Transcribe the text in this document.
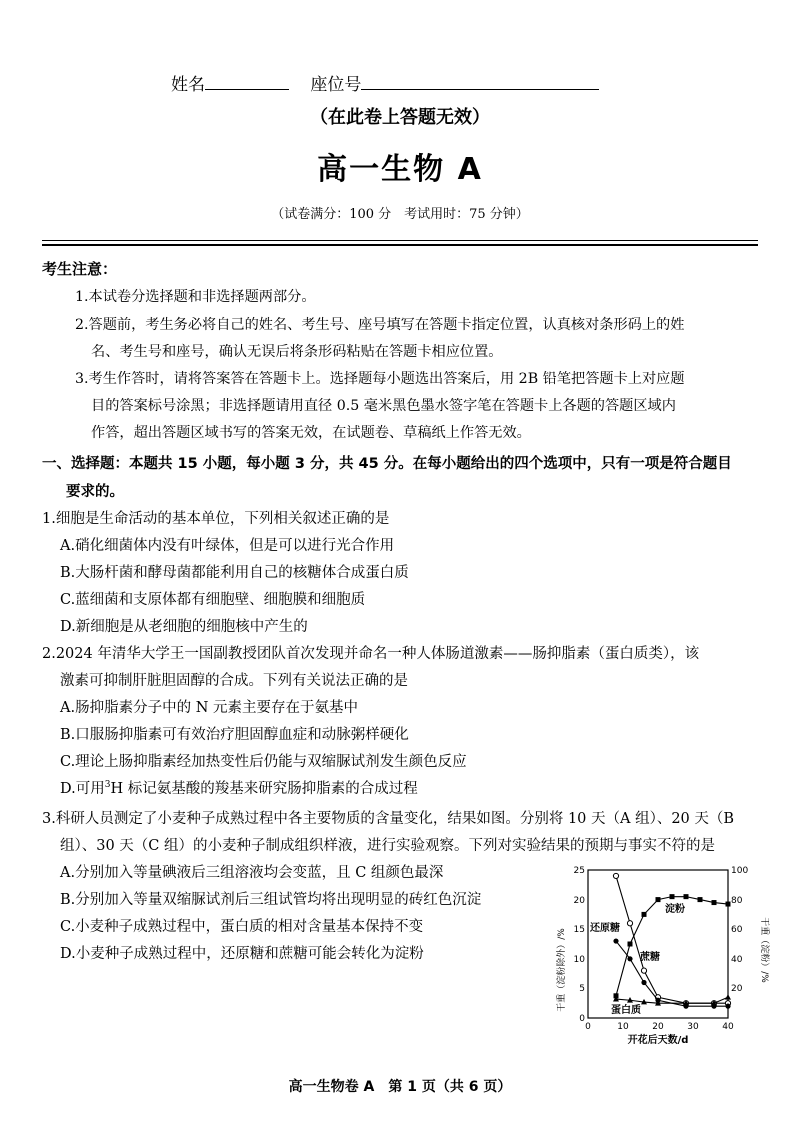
姓名	座位号
（在此卷上答题无效）
高一生物 A
（试卷满分：100 分　考试用时：75 分钟）
考生注意：
1.本试卷分选择题和非选择题两部分。
2.答题前，考生务必将自己的姓名、考生号、座号填写在答题卡指定位置，认真核对条形码上的姓
名、考生号和座号，确认无误后将条形码粘贴在答题卡相应位置。
3.考生作答时，请将答案答在答题卡上。选择题每小题选出答案后，用 2B 铅笔把答题卡上对应题
目的答案标号涂黑；非选择题请用直径 0.5 毫米黑色墨水签字笔在答题卡上各题的答题区域内
作答，超出答题区域书写的答案无效，在试题卷、草稿纸上作答无效。
一、选择题：本题共 15 小题，每小题 3 分，共 45 分。在每小题给出的四个选项中，只有一项是符合题目
要求的。
1.细胞是生命活动的基本单位，下列相关叙述正确的是
A.硝化细菌体内没有叶绿体，但是可以进行光合作用
B.大肠杆菌和酵母菌都能利用自己的核糖体合成蛋白质
C.蓝细菌和支原体都有细胞壁、细胞膜和细胞质
D.新细胞是从老细胞的细胞核中产生的
2.2024 年清华大学王一国副教授团队首次发现并命名一种人体肠道激素——肠抑脂素（蛋白质类），该
激素可抑制肝脏胆固醇的合成。下列有关说法正确的是
A.肠抑脂素分子中的 N 元素主要存在于氨基中
B.口服肠抑脂素可有效治疗胆固醇血症和动脉粥样硬化
C.理论上肠抑脂素经加热变性后仍能与双缩脲试剂发生颜色反应
D.可用$^3$H 标记氨基酸的羧基来研究肠抑脂素的合成过程
3.科研人员测定了小麦种子成熟过程中各主要物质的含量变化，结果如图。分别将 10 天（A 组）、20 天（B
组）、30 天（C 组）的小麦种子制成组织样液，进行实验观察。下列对实验结果的预期与事实不符的是
A.分别加入等量碘液后三组溶液均会变蓝，且 C 组颜色最深
B.分别加入等量双缩脲试剂后三组试管均将出现明显的砖红色沉淀
C.小麦种子成熟过程中，蛋白质的相对含量基本保持不变
D.小麦种子成熟过程中，还原糖和蔗糖可能会转化为淀粉	干重（淀粉除外）/%	干重（淀粉）/%
25
20
15
10
5
0
100
80
60
40
20
0	10	20	30	40
开花后天数/d
淀粉
还原糖
蔗糖
蛋白质
高一生物卷 A　第 1 页（共 6 页）
